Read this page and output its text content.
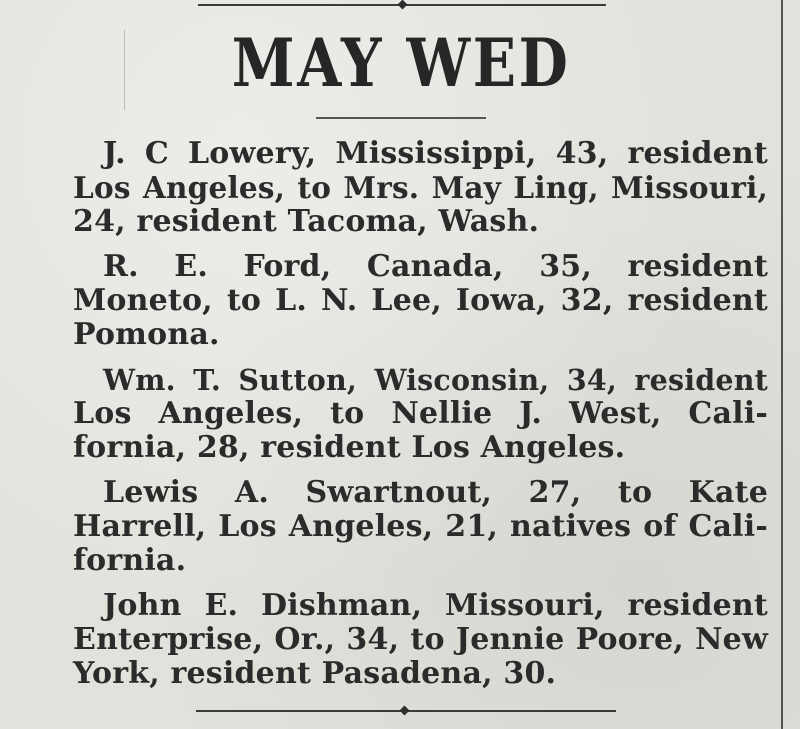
MAY WED

J. C Lowery, Mississippi, 43, resident
Los Angeles, to Mrs. May Ling, Missouri,
24, resident Tacoma, Wash.

R. E. Ford, Canada, 35, resident
Moneto, to L. N. Lee, Iowa, 32, resident
Pomona.

Wm. T. Sutton, Wisconsin, 34, resident
Los Angeles, to Nellie J. West, Cali-
fornia, 28, resident Los Angeles.

Lewis A. Swartnout, 27, to Kate
Harrell, Los Angeles, 21, natives of Cali-
fornia.

John E. Dishman, Missouri, resident
Enterprise, Or., 34, to Jennie Poore, New
York, resident Pasadena, 30.
